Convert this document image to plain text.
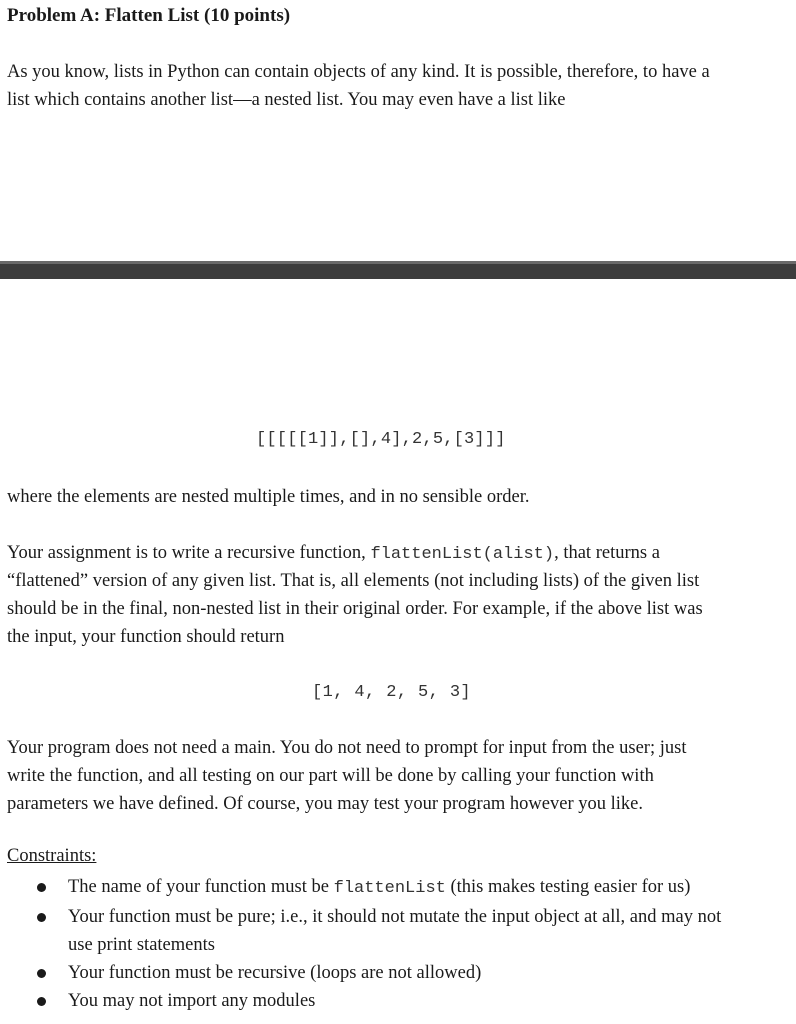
Problem A: Flatten List (10 points)
As you know, lists in Python can contain objects of any kind. It is possible, therefore, to have a
list which contains another list—a nested list. You may even have a list like
[[[[[1]],[],4],2,5,[3]]]
where the elements are nested multiple times, and in no sensible order.
Your assignment is to write a recursive function, flattenList(alist), that returns a
“flattened” version of any given list. That is, all elements (not including lists) of the given list
should be in the final, non-nested list in their original order. For example, if the above list was
the input, your function should return
[1, 4, 2, 5, 3]
Your program does not need a main. You do not need to prompt for input from the user; just
write the function, and all testing on our part will be done by calling your function with
parameters we have defined. Of course, you may test your program however you like.
Constraints:
The name of your function must be flattenList (this makes testing easier for us)
Your function must be pure; i.e., it should not mutate the input object at all, and may not
use print statements
Your function must be recursive (loops are not allowed)
You may not import any modules
